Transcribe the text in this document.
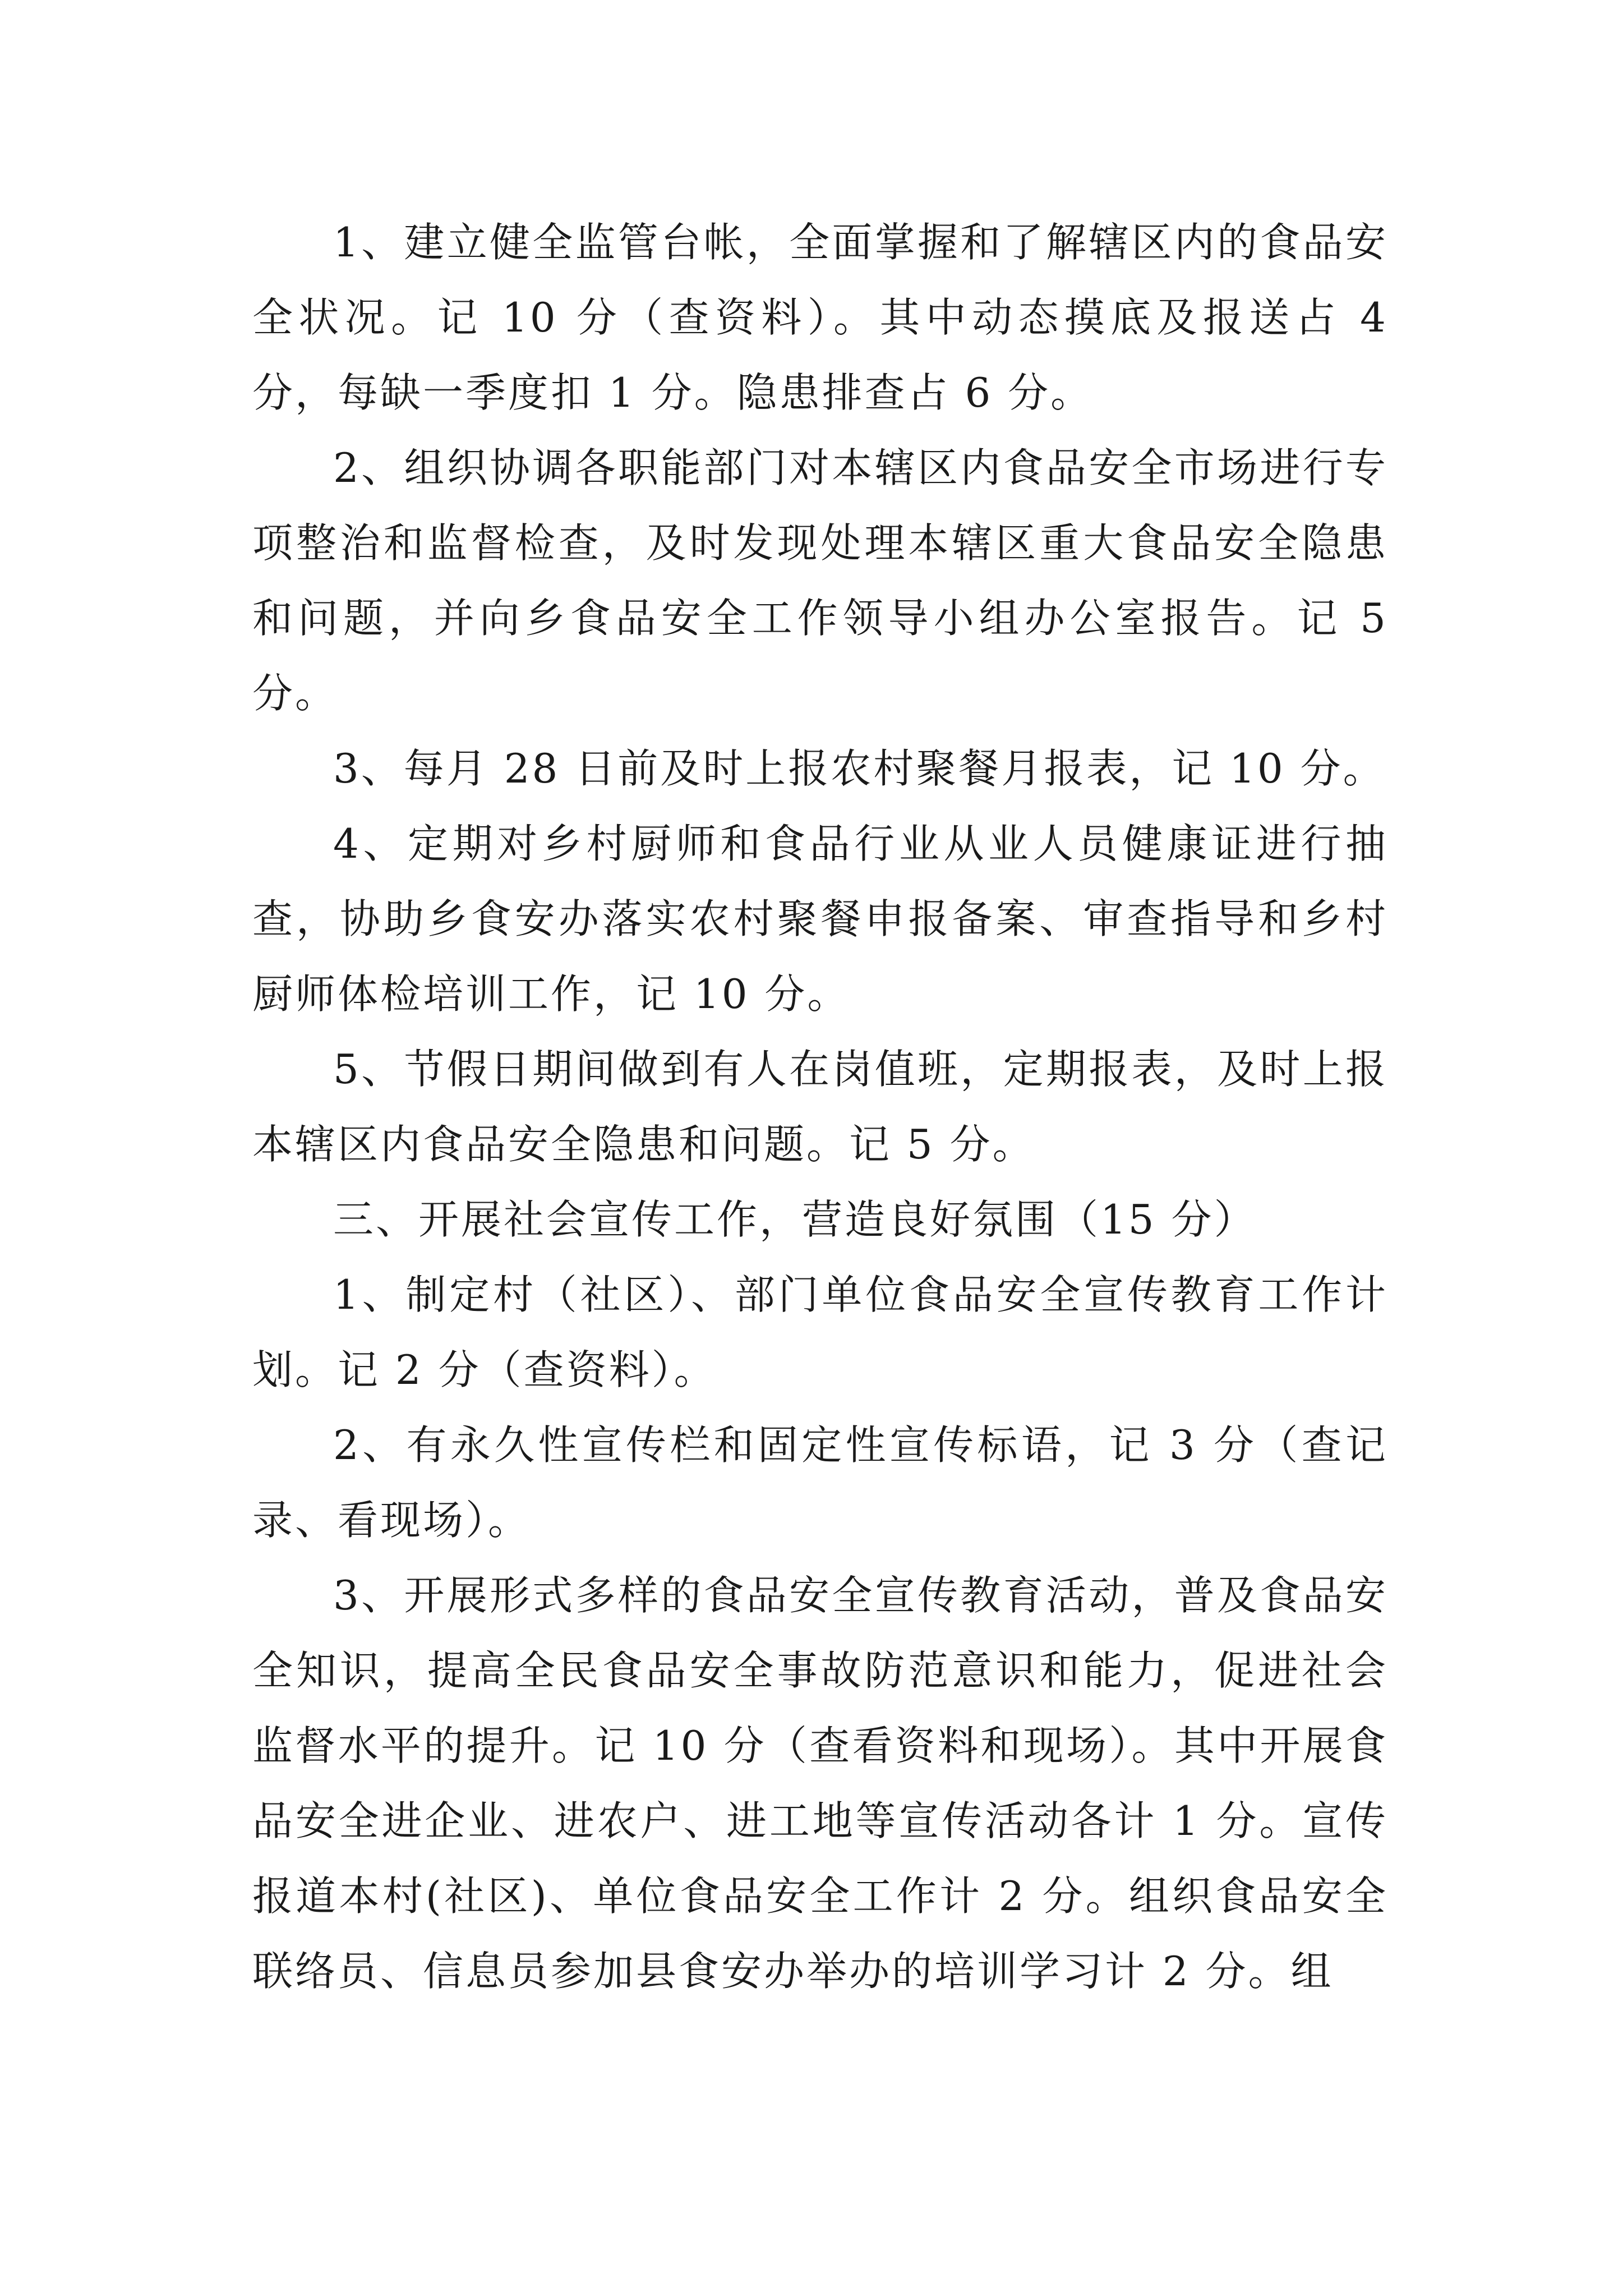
1、建立健全监管台帐，全面掌握和了解辖区内的食品安全状况。记 10 分（查资料）。其中动态摸底及报送占 4 分，每缺一季度扣 1 分。隐患排查占 6 分。

2、组织协调各职能部门对本辖区内食品安全市场进行专项整治和监督检查，及时发现处理本辖区重大食品安全隐患和问题，并向乡食品安全工作领导小组办公室报告。记 5 分。

3、每月 28 日前及时上报农村聚餐月报表，记 10 分。

4、定期对乡村厨师和食品行业从业人员健康证进行抽查，协助乡食安办落实农村聚餐申报备案、审查指导和乡村厨师体检培训工作，记 10 分。

5、节假日期间做到有人在岗值班，定期报表，及时上报本辖区内食品安全隐患和问题。记 5 分。

三、开展社会宣传工作，营造良好氛围（15 分）

1、制定村（社区）、部门单位食品安全宣传教育工作计划。记 2 分（查资料）。

2、有永久性宣传栏和固定性宣传标语，记 3 分（查记录、看现场）。

3、开展形式多样的食品安全宣传教育活动，普及食品安全知识，提高全民食品安全事故防范意识和能力，促进社会监督水平的提升。记 10 分（查看资料和现场）。其中开展食品安全进企业、进农户、进工地等宣传活动各计 1 分。宣传报道本村(社区)、单位食品安全工作计 2 分。组织食品安全联络员、信息员参加县食安办举办的培训学习计 2 分。组
